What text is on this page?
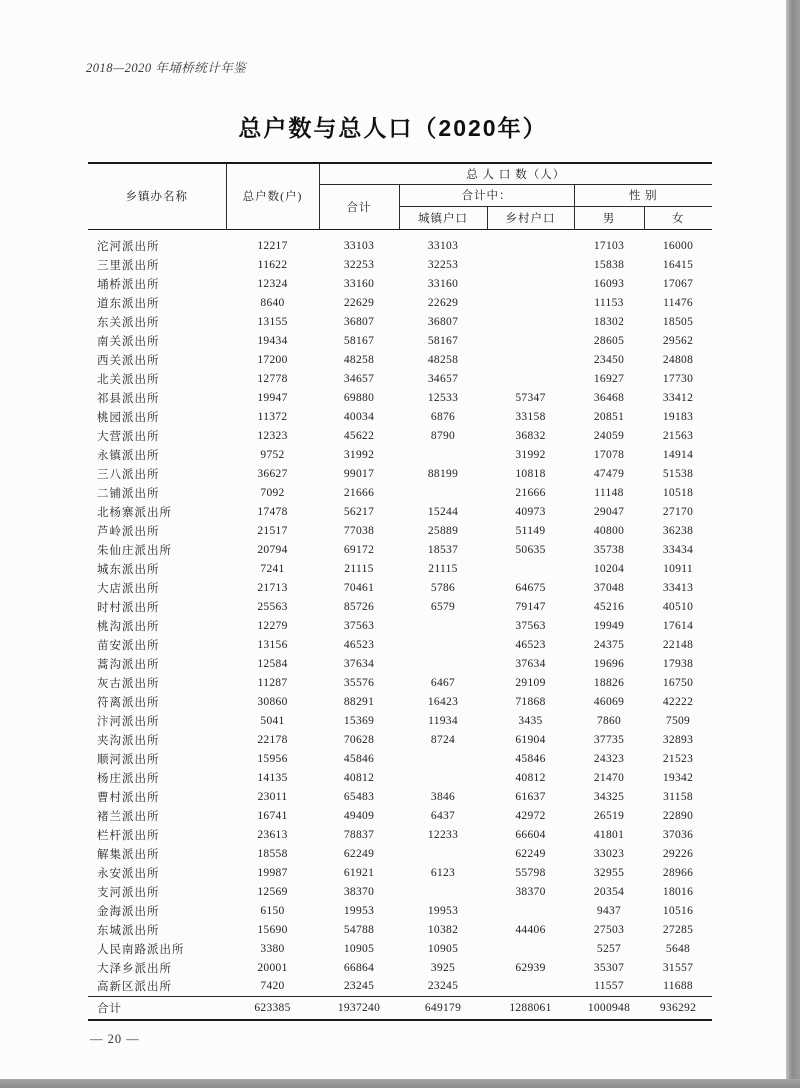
2018—2020 年埇桥统计年鉴
总户数与总人口（2020年）
乡镇办名称	总户数(户)	总 人 口 数（人）				
		合计	合计中：		性 别	
			城镇户口	乡村户口	男	女
沱河派出所	12217	33103	33103		17103	16000
三里派出所	11622	32253	32253		15838	16415
埇桥派出所	12324	33160	33160		16093	17067
道东派出所	8640	22629	22629		11153	11476
东关派出所	13155	36807	36807		18302	18505
南关派出所	19434	58167	58167		28605	29562
西关派出所	17200	48258	48258		23450	24808
北关派出所	12778	34657	34657		16927	17730
祁县派出所	19947	69880	12533	57347	36468	33412
桃园派出所	11372	40034	6876	33158	20851	19183
大营派出所	12323	45622	8790	36832	24059	21563
永镇派出所	9752	31992		31992	17078	14914
三八派出所	36627	99017	88199	10818	47479	51538
二铺派出所	7092	21666		21666	11148	10518
北杨寨派出所	17478	56217	15244	40973	29047	27170
芦岭派出所	21517	77038	25889	51149	40800	36238
朱仙庄派出所	20794	69172	18537	50635	35738	33434
城东派出所	7241	21115	21115		10204	10911
大店派出所	21713	70461	5786	64675	37048	33413
时村派出所	25563	85726	6579	79147	45216	40510
桃沟派出所	12279	37563		37563	19949	17614
苗安派出所	13156	46523		46523	24375	22148
蒿沟派出所	12584	37634		37634	19696	17938
灰古派出所	11287	35576	6467	29109	18826	16750
符离派出所	30860	88291	16423	71868	46069	42222
汴河派出所	5041	15369	11934	3435	7860	7509
夹沟派出所	22178	70628	8724	61904	37735	32893
顺河派出所	15956	45846		45846	24323	21523
杨庄派出所	14135	40812		40812	21470	19342
曹村派出所	23011	65483	3846	61637	34325	31158
褚兰派出所	16741	49409	6437	42972	26519	22890
栏杆派出所	23613	78837	12233	66604	41801	37036
解集派出所	18558	62249		62249	33023	29226
永安派出所	19987	61921	6123	55798	32955	28966
支河派出所	12569	38370		38370	20354	18016
金海派出所	6150	19953	19953		9437	10516
东城派出所	15690	54788	10382	44406	27503	27285
人民南路派出所	3380	10905	10905		5257	5648
大泽乡派出所	20001	66864	3925	62939	35307	31557
高新区派出所	7420	23245	23245		11557	11688
合计	623385	1937240	649179	1288061	1000948	936292
— 20 —
